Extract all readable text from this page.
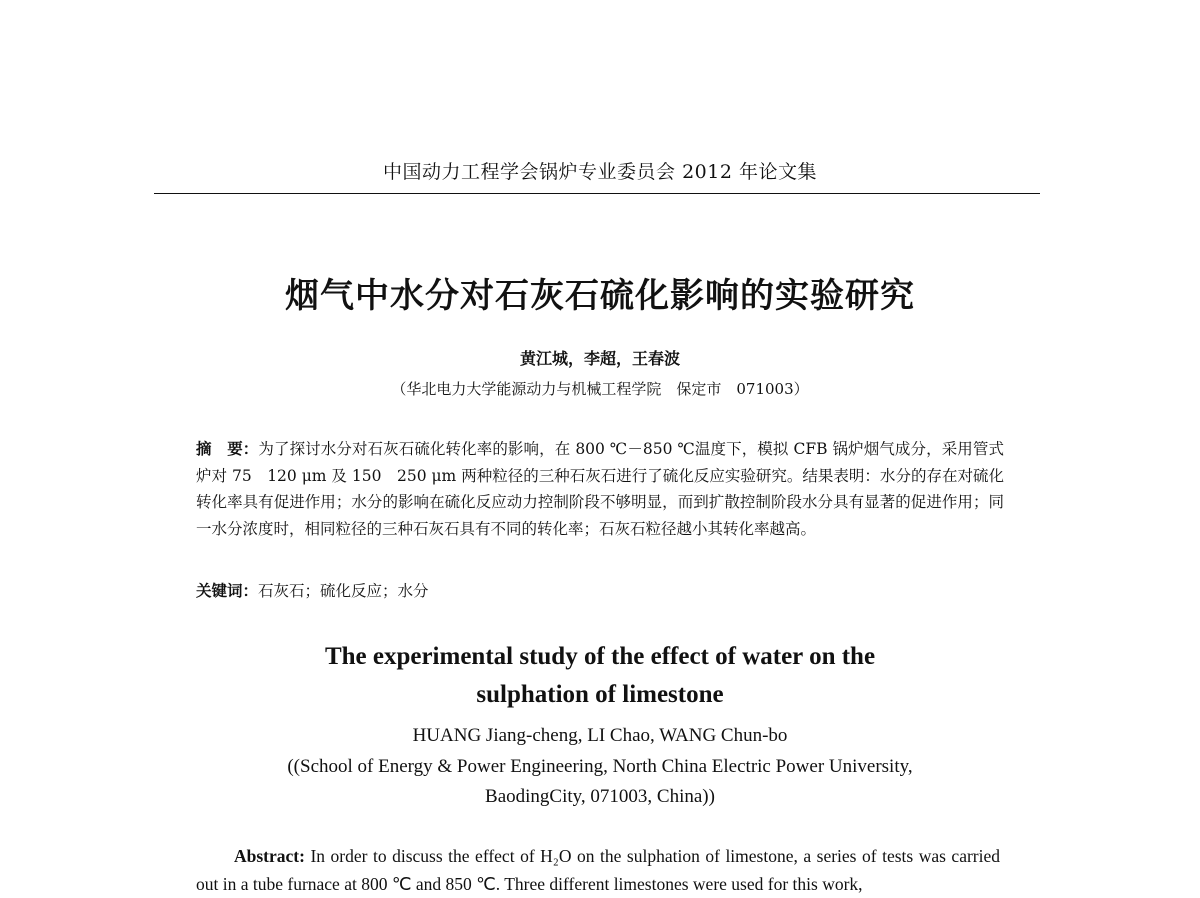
中国动力工程学会锅炉专业委员会 2012 年论文集
烟气中水分对石灰石硫化影响的实验研究
黄江城，李超，王春波
（华北电力大学能源动力与机械工程学院　保定市　071003）
摘　要：为了探讨水分对石灰石硫化转化率的影响，在 800 ℃－850 ℃温度下，模拟 CFB 锅炉烟气成分，采用管式炉对 75　120 μm 及 150　250 μm 两种粒径的三种石灰石进行了硫化反应实验研究。结果表明：水分的存在对硫化转化率具有促进作用；水分的影响在硫化反应动力控制阶段不够明显，而到扩散控制阶段水分具有显著的促进作用；同一水分浓度时，相同粒径的三种石灰石具有不同的转化率；石灰石粒径越小其转化率越高。
关键词：石灰石；硫化反应；水分
The experimental study of the effect of water on the
sulphation of limestone
HUANG Jiang-cheng, LI Chao, WANG Chun-bo
((School of Energy & Power Engineering, North China Electric Power University,
BaodingCity, 071003, China))
Abstract: In order to discuss the effect of H₂O on the sulphation of limestone, a series of tests was carried out in a tube furnace at 800 ℃ and 850 ℃. Three different limestones were used for this work,
